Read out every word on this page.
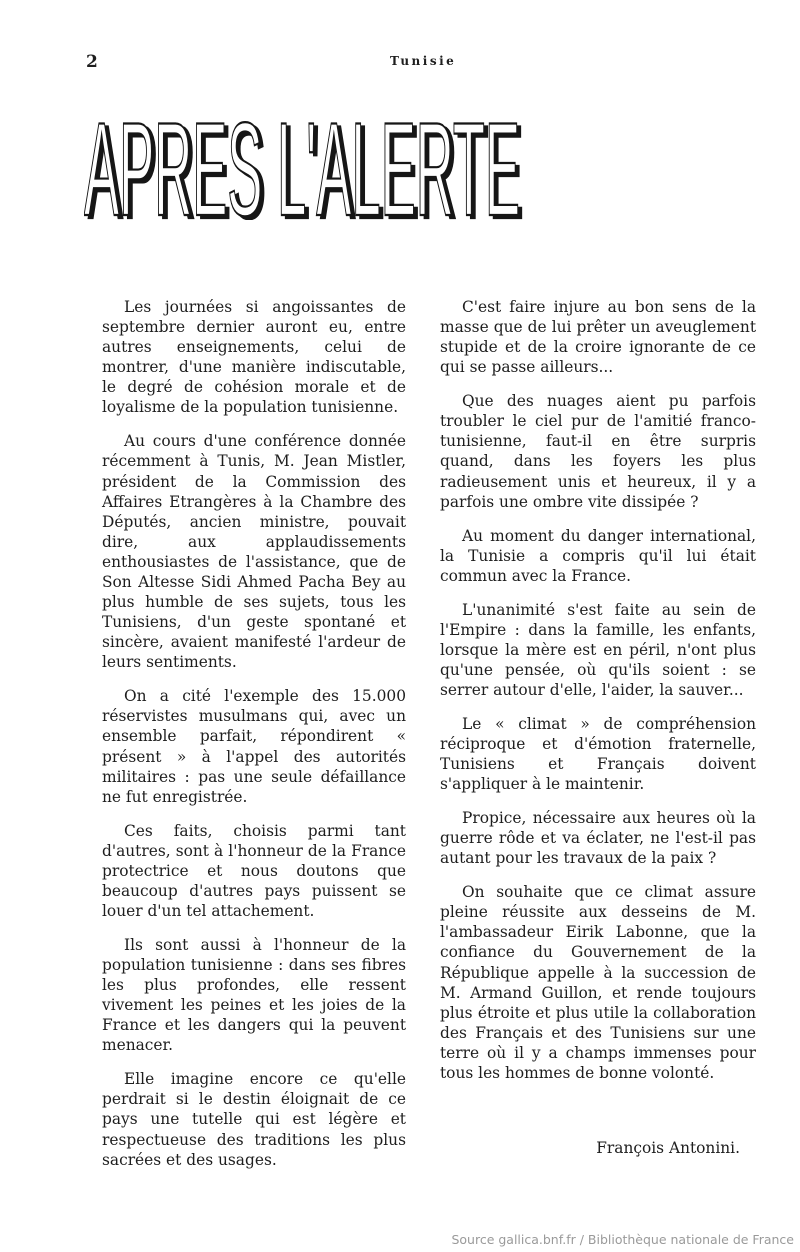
2	Tunisie
APRES L'ALERTE

Les journées si angoissantes de septembre dernier auront eu, entre autres enseignements, celui de montrer, d'une manière indiscutable, le degré de cohésion morale et de loyalisme de la population tunisienne.

Au cours d'une conférence donnée récemment à Tunis, M. Jean Mistler, président de la Commission des Affaires Etrangères à la Chambre des Députés, ancien ministre, pouvait dire, aux applaudissements enthousiastes de l'assistance, que de Son Altesse Sidi Ahmed Pacha Bey au plus humble de ses sujets, tous les Tunisiens, d'un geste spontané et sincère, avaient manifesté l'ardeur de leurs sentiments.

On a cité l'exemple des 15.000 réservistes musulmans qui, avec un ensemble parfait, répondirent « présent » à l'appel des autorités militaires : pas une seule défaillance ne fut enregistrée.

Ces faits, choisis parmi tant d'autres, sont à l'honneur de la France protectrice et nous doutons que beaucoup d'autres pays puissent se louer d'un tel attachement.

Ils sont aussi à l'honneur de la population tunisienne : dans ses fibres les plus profondes, elle ressent vivement les peines et les joies de la France et les dangers qui la peuvent menacer.

Elle imagine encore ce qu'elle perdrait si le destin éloignait de ce pays une tutelle qui est légère et respectueuse des traditions les plus sacrées et des usages.

C'est faire injure au bon sens de la masse que de lui prêter un aveuglement stupide et de la croire ignorante de ce qui se passe ailleurs...

Que des nuages aient pu parfois troubler le ciel pur de l'amitié franco-tunisienne, faut-il en être surpris quand, dans les foyers les plus radieusement unis et heureux, il y a parfois une ombre vite dissipée ?

Au moment du danger international, la Tunisie a compris qu'il lui était commun avec la France.

L'unanimité s'est faite au sein de l'Empire : dans la famille, les enfants, lorsque la mère est en péril, n'ont plus qu'une pensée, où qu'ils soient : se serrer autour d'elle, l'aider, la sauver...

Le « climat » de compréhension réciproque et d'émotion fraternelle, Tunisiens et Français doivent s'appliquer à le maintenir.

Propice, nécessaire aux heures où la guerre rôde et va éclater, ne l'est-il pas autant pour les travaux de la paix ?

On souhaite que ce climat assure pleine réussite aux desseins de M. l'ambassadeur Eirik Labonne, que la confiance du Gouvernement de la République appelle à la succession de M. Armand Guillon, et rende toujours plus étroite et plus utile la collaboration des Français et des Tunisiens sur une terre où il y a champs immenses pour tous les hommes de bonne volonté.

François Antonini.
Source gallica.bnf.fr / Bibliothèque nationale de France
